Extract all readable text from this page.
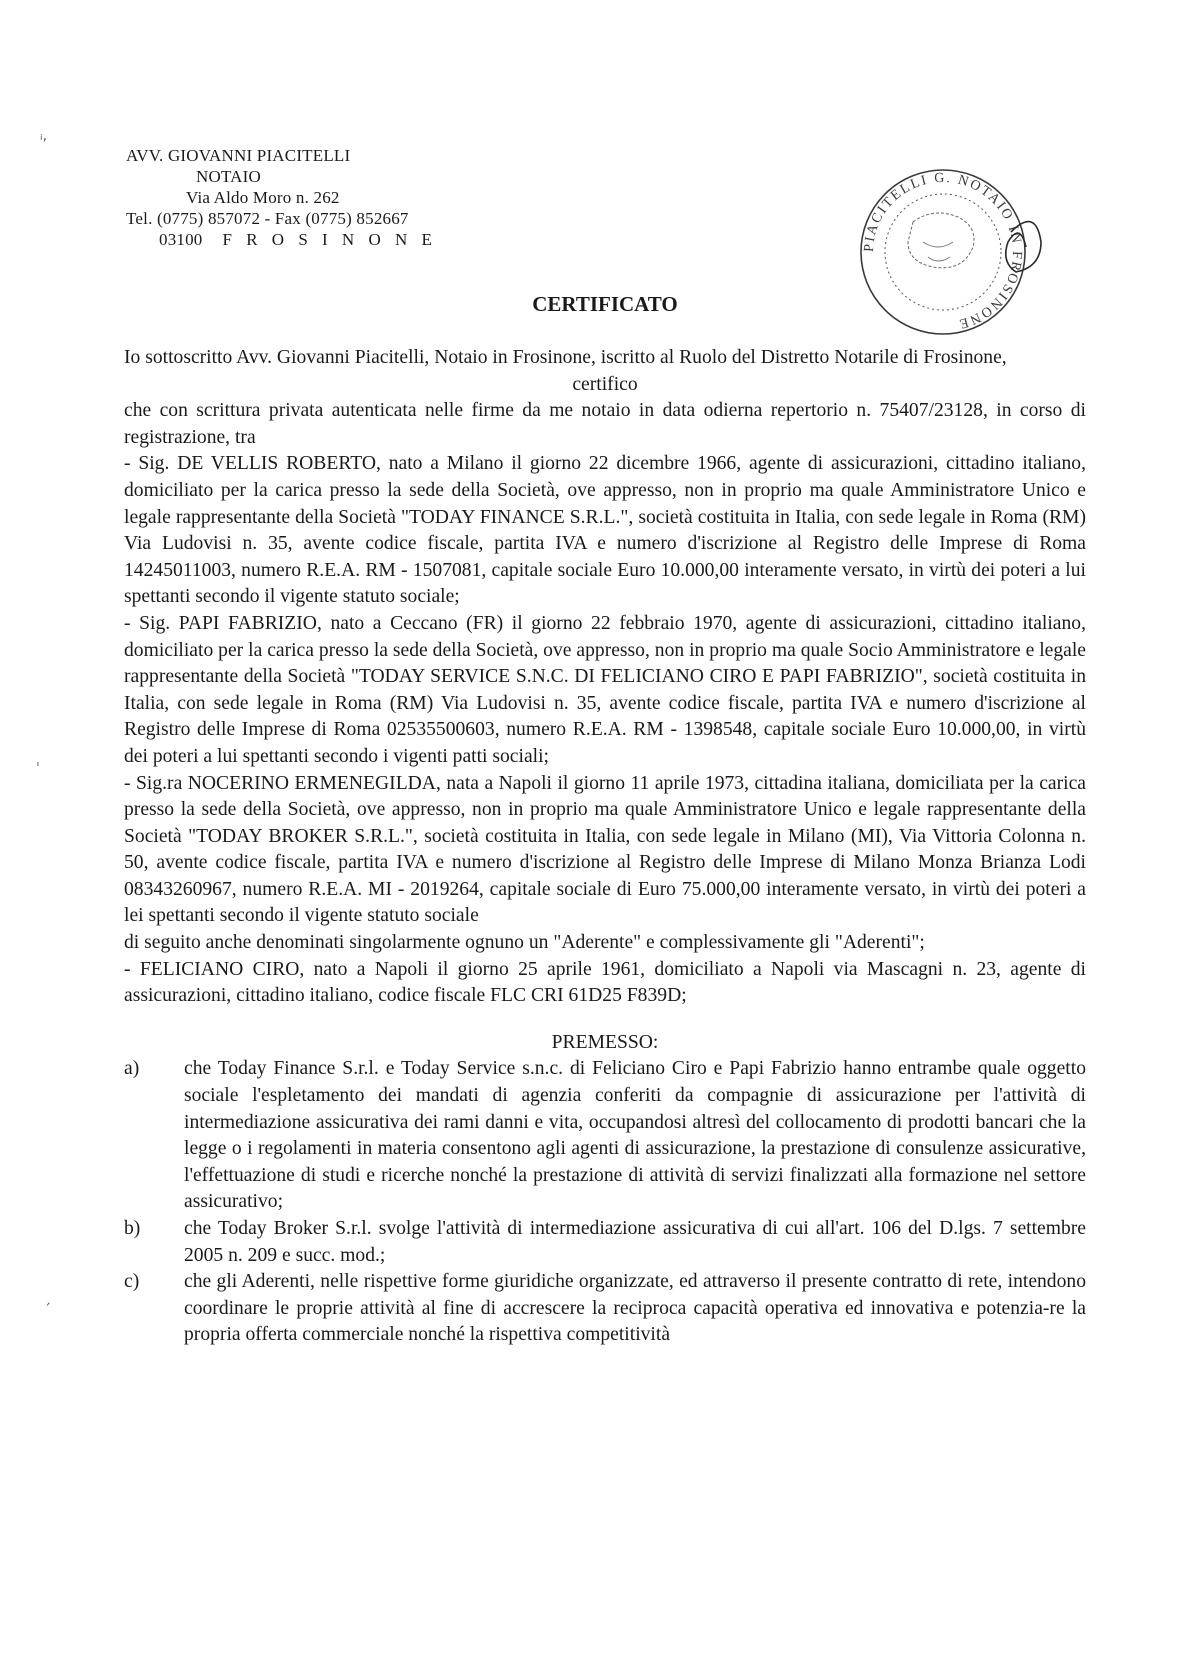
ᵢ‚
ˌ
ˏ
AVV. GIOVANNI PIACITELLI
NOTAIO
Via Aldo Moro n. 262
Tel. (0775) 857072 - Fax (0775) 852667
03100 F R O S I N O N E	PIACITELLI G. NOTAIO IN FROSINONE
CERTIFICATO

Io sottoscritto Avv. Giovanni Piacitelli, Notaio in Frosinone, iscritto al Ruolo del Distretto Notarile di Frosinone,

certifico

che con scrittura privata autenticata nelle firme da me notaio in data odierna repertorio n. 75407/23128, in corso di registrazione, tra

- Sig. DE VELLIS ROBERTO, nato a Milano il giorno 22 dicembre 1966, agente di assicurazioni, cittadino italiano, domiciliato per la carica presso la sede della Società, ove appresso, non in proprio ma quale Amministratore Unico e legale rappresentante della Società "TODAY FINANCE S.R.L.", società costituita in Italia, con sede legale in Roma (RM) Via Ludovisi n. 35, avente codice fiscale, partita IVA e numero d'iscrizione al Registro delle Imprese di Roma 14245011003, numero R.E.A. RM - 1507081, capitale sociale Euro 10.000,00 interamente versato, in virtù dei poteri a lui spettanti secondo il vigente statuto sociale;

- Sig. PAPI FABRIZIO, nato a Ceccano (FR) il giorno 22 febbraio 1970, agente di assicurazioni, cittadino italiano, domiciliato per la carica presso la sede della Società, ove appresso, non in proprio ma quale Socio Amministratore e legale rappresentante della Società "TODAY SERVICE S.N.C. DI FELICIANO CIRO E PAPI FABRIZIO", società costituita in Italia, con sede legale in Roma (RM) Via Ludovisi n. 35, avente codice fiscale, partita IVA e numero d'iscrizione al Registro delle Imprese di Roma 02535500603, numero R.E.A. RM - 1398548, capitale sociale Euro 10.000,00, in virtù dei poteri a lui spettanti secondo i vigenti patti sociali;

- Sig.ra NOCERINO ERMENEGILDA, nata a Napoli il giorno 11 aprile 1973, cittadina italiana, domiciliata per la carica presso la sede della Società, ove appresso, non in proprio ma quale Amministratore Unico e legale rappresentante della Società "TODAY BROKER S.R.L.", società costituita in Italia, con sede legale in Milano (MI), Via Vittoria Colonna n. 50, avente codice fiscale, partita IVA e numero d'iscrizione al Registro delle Imprese di Milano Monza Brianza Lodi 08343260967, numero R.E.A. MI - 2019264, capitale sociale di Euro 75.000,00 interamente versato, in virtù dei poteri a lei spettanti secondo il vigente statuto sociale

di seguito anche denominati singolarmente ognuno un "Aderente" e complessivamente gli "Aderenti";

- FELICIANO CIRO, nato a Napoli il giorno 25 aprile 1961, domiciliato a Napoli via Mascagni n. 23, agente di assicurazioni, cittadino italiano, codice fiscale FLC CRI 61D25 F839D;

PREMESSO:

a)	che Today Finance S.r.l. e Today Service s.n.c. di Feliciano Ciro e Papi Fabrizio hanno entrambe quale oggetto sociale l'espletamento dei mandati di agenzia conferiti da compagnie di assicurazione per l'attività di intermediazione assicurativa dei rami danni e vita, occupandosi altresì del collocamento di prodotti bancari che la legge o i regolamenti in materia consentono agli agenti di assicurazione, la prestazione di consulenze assicurative, l'effettuazione di studi e ricerche nonché la prestazione di attività di servizi finalizzati alla formazione nel settore assicurativo;
b)	che Today Broker S.r.l. svolge l'attività di intermediazione assicurativa di cui all'art. 106 del D.lgs. 7 settembre 2005 n. 209 e succ. mod.;
c)	che gli Aderenti, nelle rispettive forme giuridiche organizzate, ed attraverso il presente contratto di rete, intendono coordinare le proprie attività al fine di accrescere la reciproca capacità operativa ed innovativa e potenzia-re la propria offerta commerciale nonché la rispettiva competitività
